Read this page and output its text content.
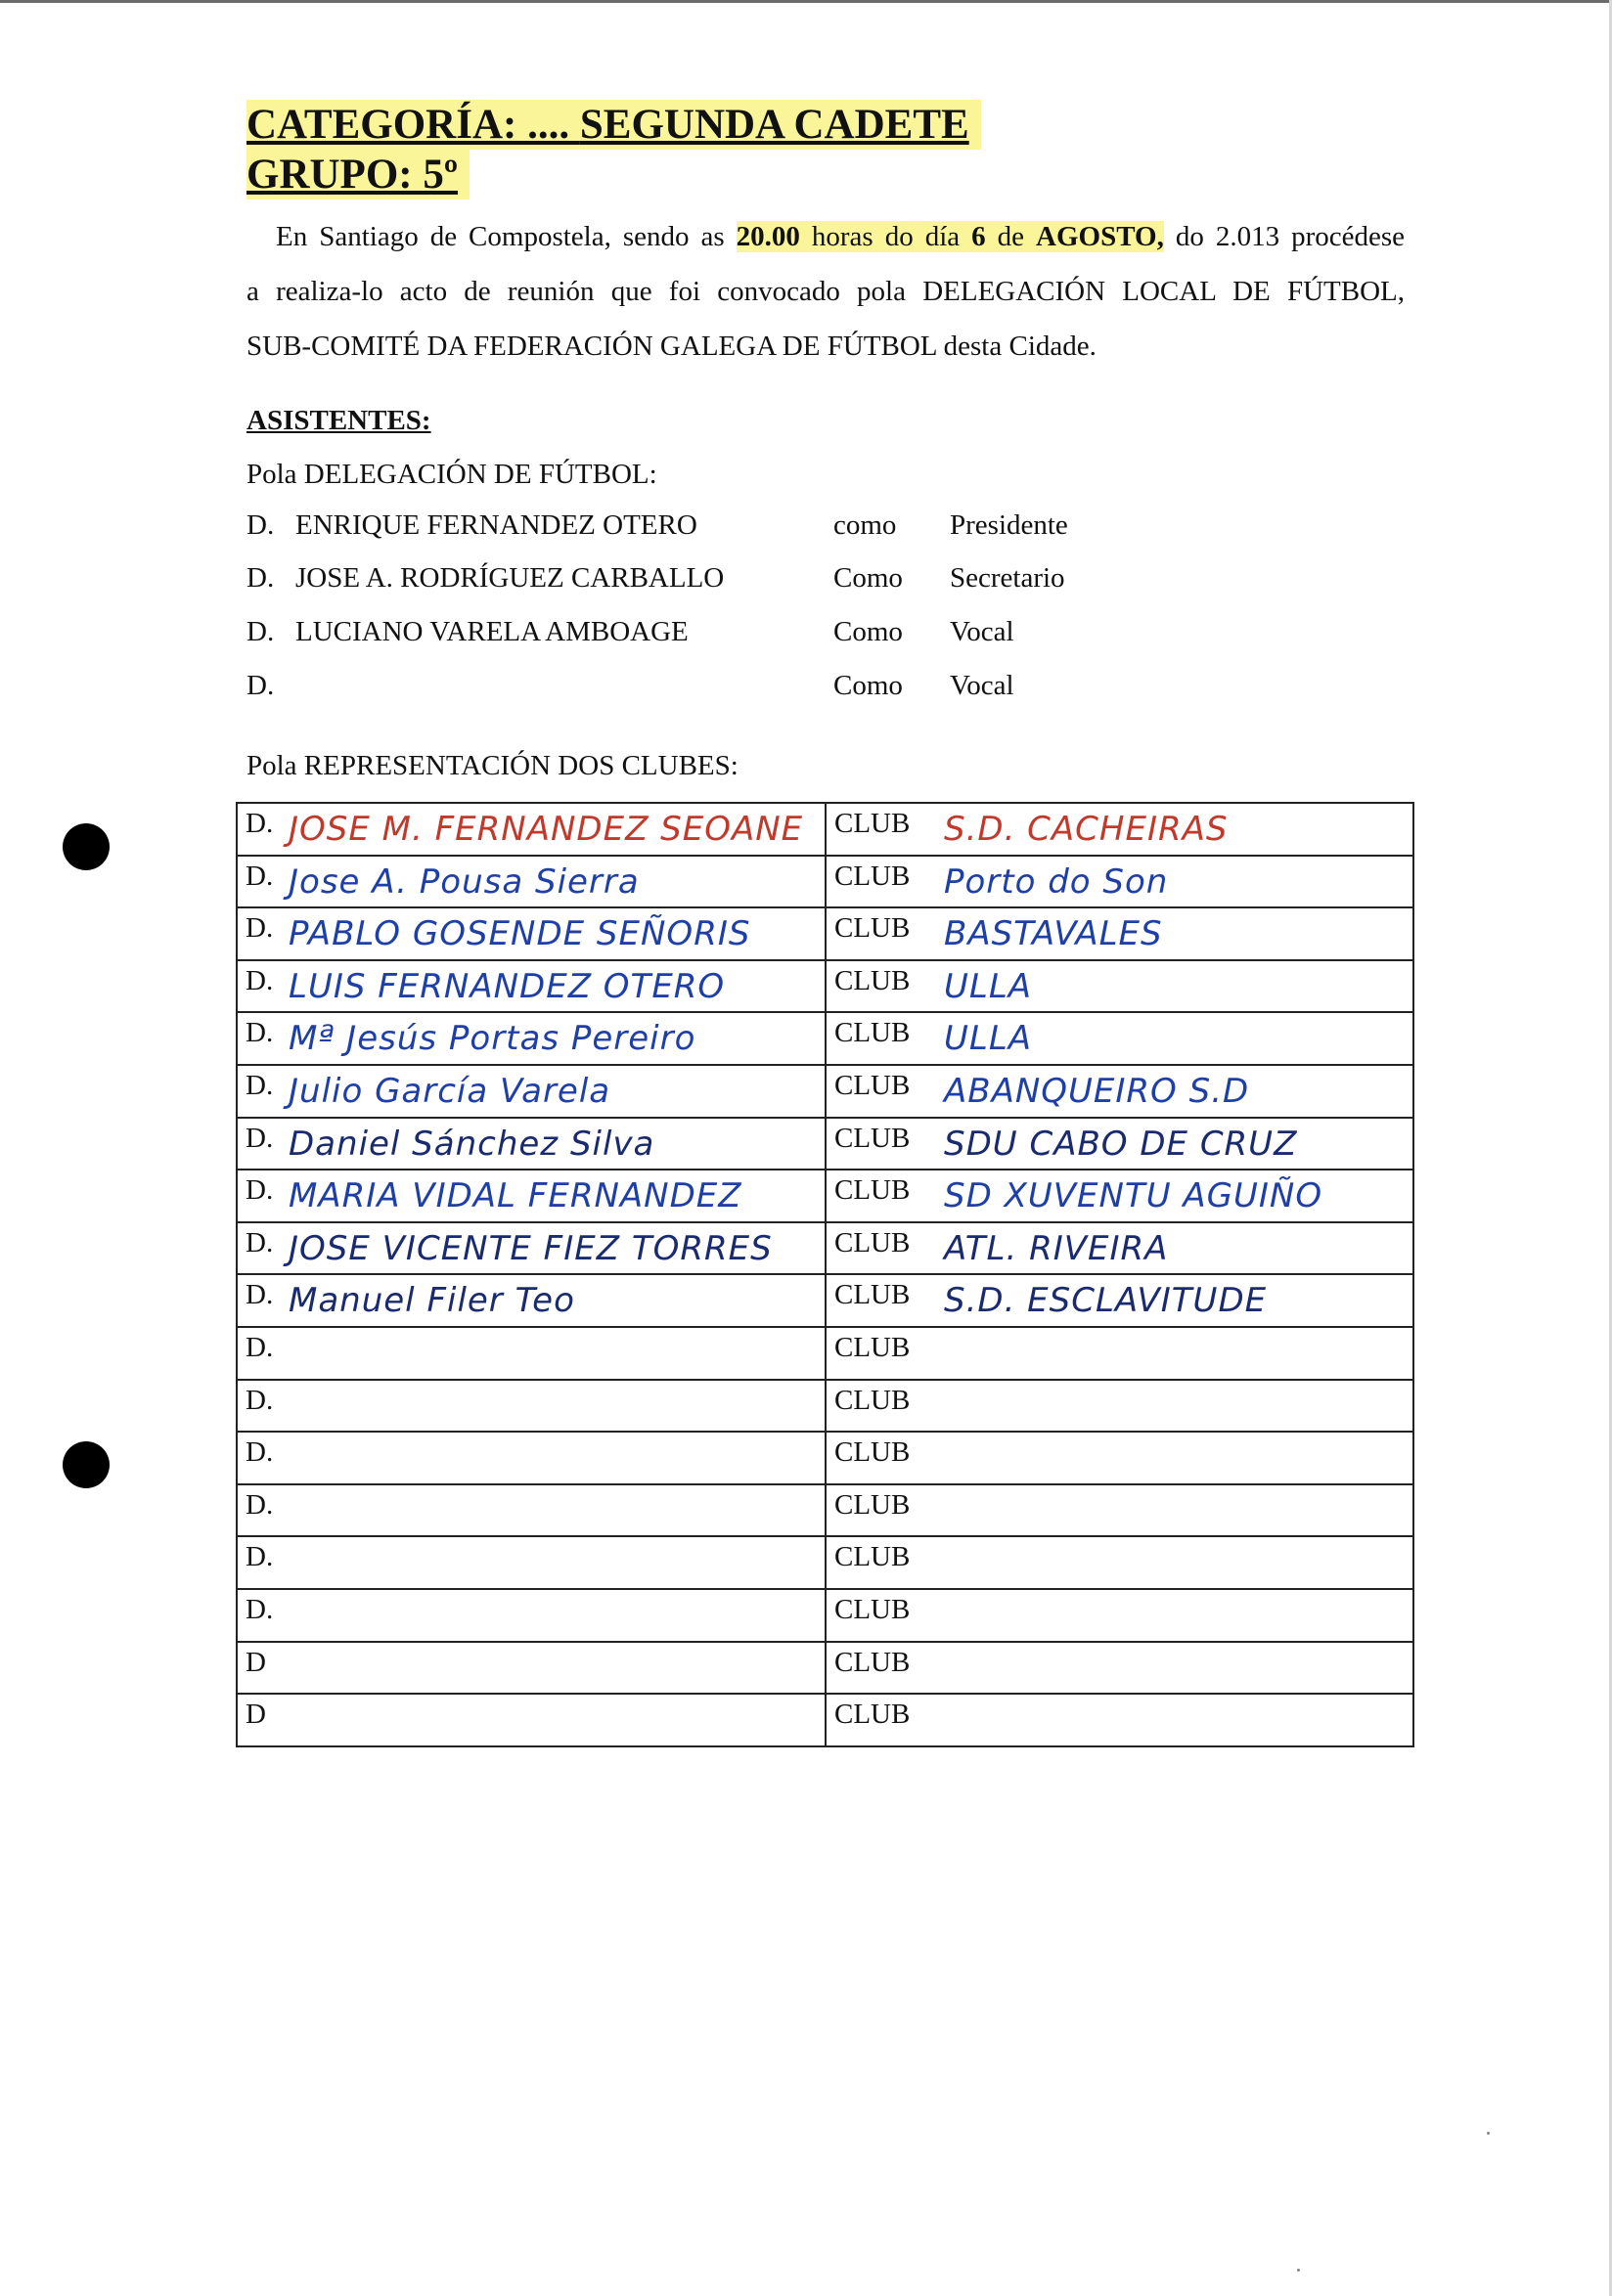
CATEGORÍA: .... SEGUNDA CADETE
GRUPO: 5º
En Santiago de Compostela, sendo as 20.00 horas do día 6 de AGOSTO, do 2.013 procédese
a realiza-lo acto de reunión que foi convocado pola DELEGACIÓN LOCAL DE FÚTBOL,
SUB-COMITÉ DA FEDERACIÓN GALEGA DE FÚTBOL desta Cidade.
ASISTENTES:
Pola DELEGACIÓN DE FÚTBOL:
D. ENRIQUE FERNANDEZ OTERO	como Presidente
D. JOSE A. RODRÍGUEZ CARBALLO	Como Secretario
D. LUCIANO VARELA AMBOAGE	Como Vocal
D.	Como Vocal
Pola REPRESENTACIÓN DOS CLUBES:
D. JOSE M. FERNANDEZ SEOANE	CLUB S.D. CACHEIRAS

D. Jose A. Pousa Sierra	CLUB Porto do Son

D. PABLO GOSENDE SEÑORIS	CLUB BASTAVALES

D. LUIS FERNANDEZ OTERO	CLUB ULLA

D. Mª Jesús Portas Pereiro	CLUB ULLA

D. Julio García Varela	CLUB ABANQUEIRO S.D

D. Daniel Sánchez Silva	CLUB SDU CABO DE CRUZ

D. MARIA VIDAL FERNANDEZ	CLUB SD XUVENTU AGUIÑO

D. JOSE VICENTE FIEZ TORRES	CLUB ATL. RIVEIRA

D. Manuel Filer Teo	CLUB S.D. ESCLAVITUDE

D.	CLUB

D.	CLUB

D.	CLUB

D.	CLUB

D.	CLUB

D.	CLUB

D	CLUB

D	CLUB
